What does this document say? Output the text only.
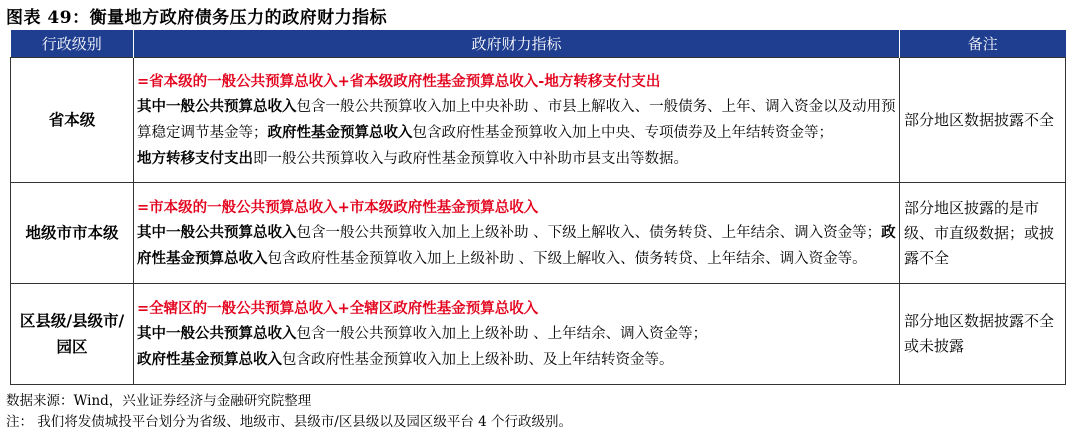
图表 49：衡量地方政府债务压力的政府财力指标
行政级别	政府财力指标	备注
省本级	=省本级的一般公共预算总收入+省本级政府性基金预算总收入-地方转移支付支出
其中一般公共预算总收入包含一般公共预算收入加上中央补助 、市县上解收入、一般债务、上年、调入资金以及动用预算稳定调节基金等；政府性基金预算总收入包含政府性基金预算收入加上中央、专项债券及上年结转资金等；
地方转移支付支出即一般公共预算收入与政府性基金预算收入中补助市县支出等数据。	部分地区数据披露不全
地级市市本级	=市本级的一般公共预算总收入+市本级政府性基金预算总收入
其中一般公共预算总收入包含一般公共预算收入加上上级补助 、下级上解收入、债务转贷、上年结余、调入资金等；政府性基金预算总收入包含政府性基金预算收入加上上级补助 、下级上解收入、债务转贷、上年结余、调入资金等。	部分地区披露的是市级、市直级数据；或披露不全
区县级/县级市/园区	=全辖区的一般公共预算总收入+全辖区政府性基金预算总收入
其中一般公共预算总收入包含一般公共预算收入加上上级补助 、上年结余、调入资金等；
政府性基金预算总收入包含政府性基金预算收入加上上级补助、及上年结转资金等。	部分地区数据披露不全或未披露
数据来源：Wind，兴业证券经济与金融研究院整理
注： 我们将发债城投平台划分为省级、地级市、县级市/区县级以及园区级平台 4 个行政级别。
